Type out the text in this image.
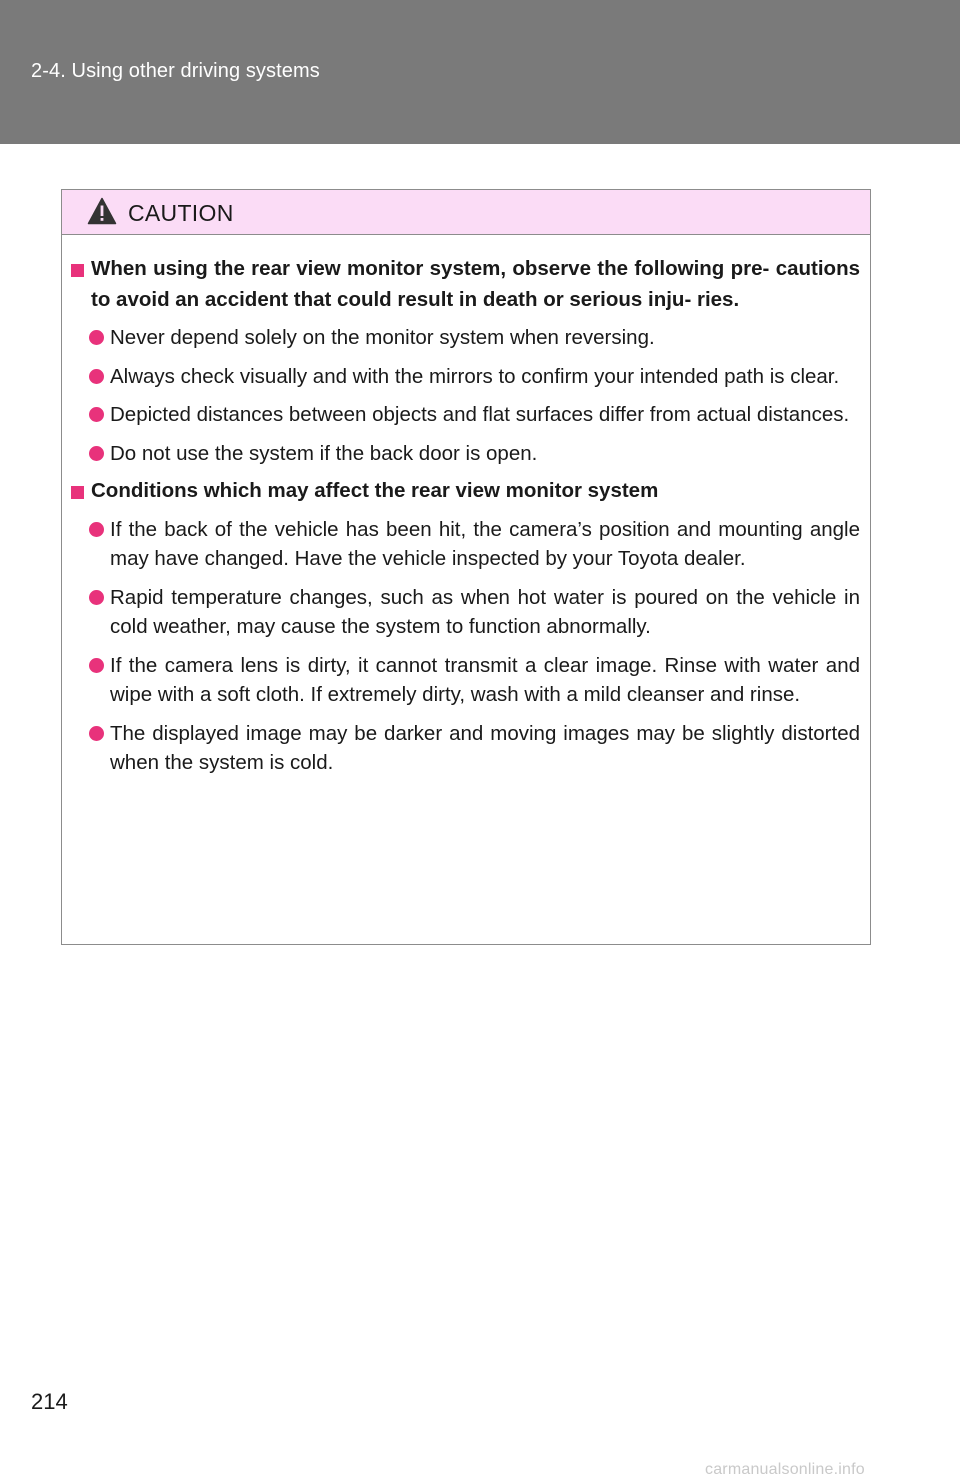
2-4. Using other driving systems
CAUTION
When using the rear view monitor system, observe the following pre- cautions to avoid an accident that could result in death or serious inju- ries.
Never depend solely on the monitor system when reversing.
Always check visually and with the mirrors to confirm your intended path is clear.
Depicted distances between objects and flat surfaces differ from actual distances.
Do not use the system if the back door is open.
Conditions which may affect the rear view monitor system
If the back of the vehicle has been hit, the camera’s position and mounting angle may have changed. Have the vehicle inspected by your Toyota dealer.
Rapid temperature changes, such as when hot water is poured on the vehicle in cold weather, may cause the system to function abnormally.
If the camera lens is dirty, it cannot transmit a clear image. Rinse with water and wipe with a soft cloth. If extremely dirty, wash with a mild cleanser and rinse.
The displayed image may be darker and moving images may be slightly distorted when the system is cold.
214
carmanualsonline.info
